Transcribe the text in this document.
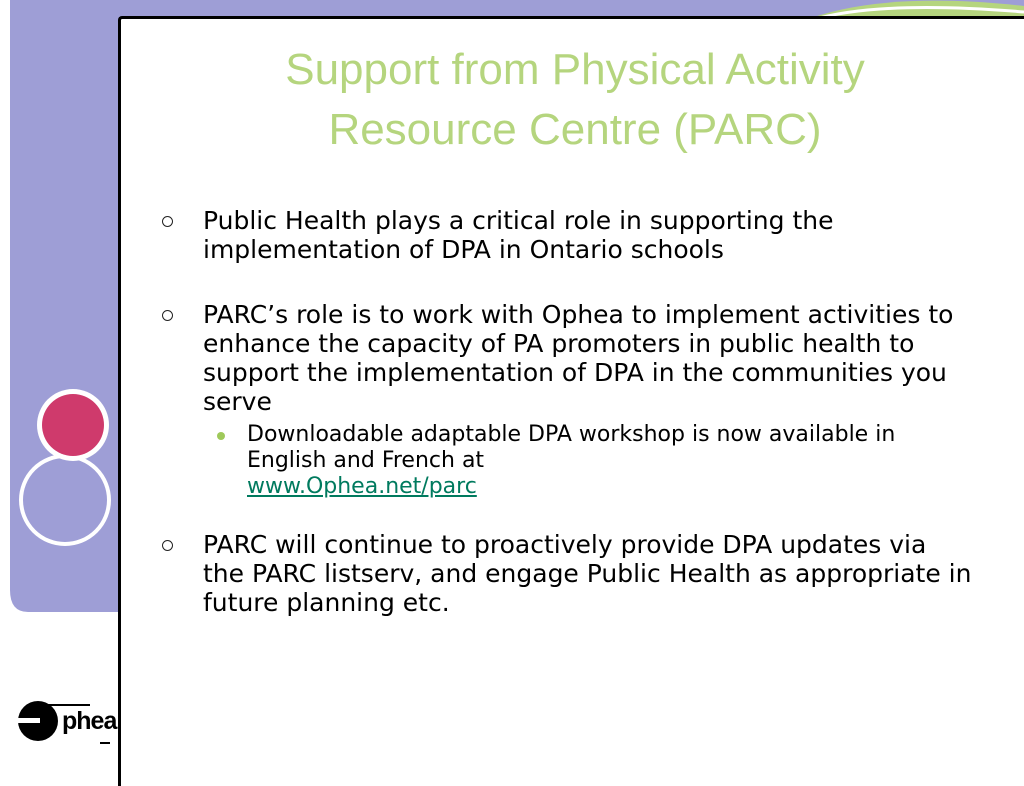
Support from Physical Activity
Resource Centre (PARC)
Public Health plays a critical role in supporting the implementation of DPA in Ontario schools
PARC’s role is to work with Ophea to implement activities to enhance the capacity of PA promoters in public health to support the implementation of DPA in the communities you serve
Downloadable adaptable DPA workshop is now available in English and French at
www.Ophea.net/parc
PARC will continue to proactively provide DPA updates via the PARC listserv, and engage Public Health as appropriate in future planning etc.
phea
